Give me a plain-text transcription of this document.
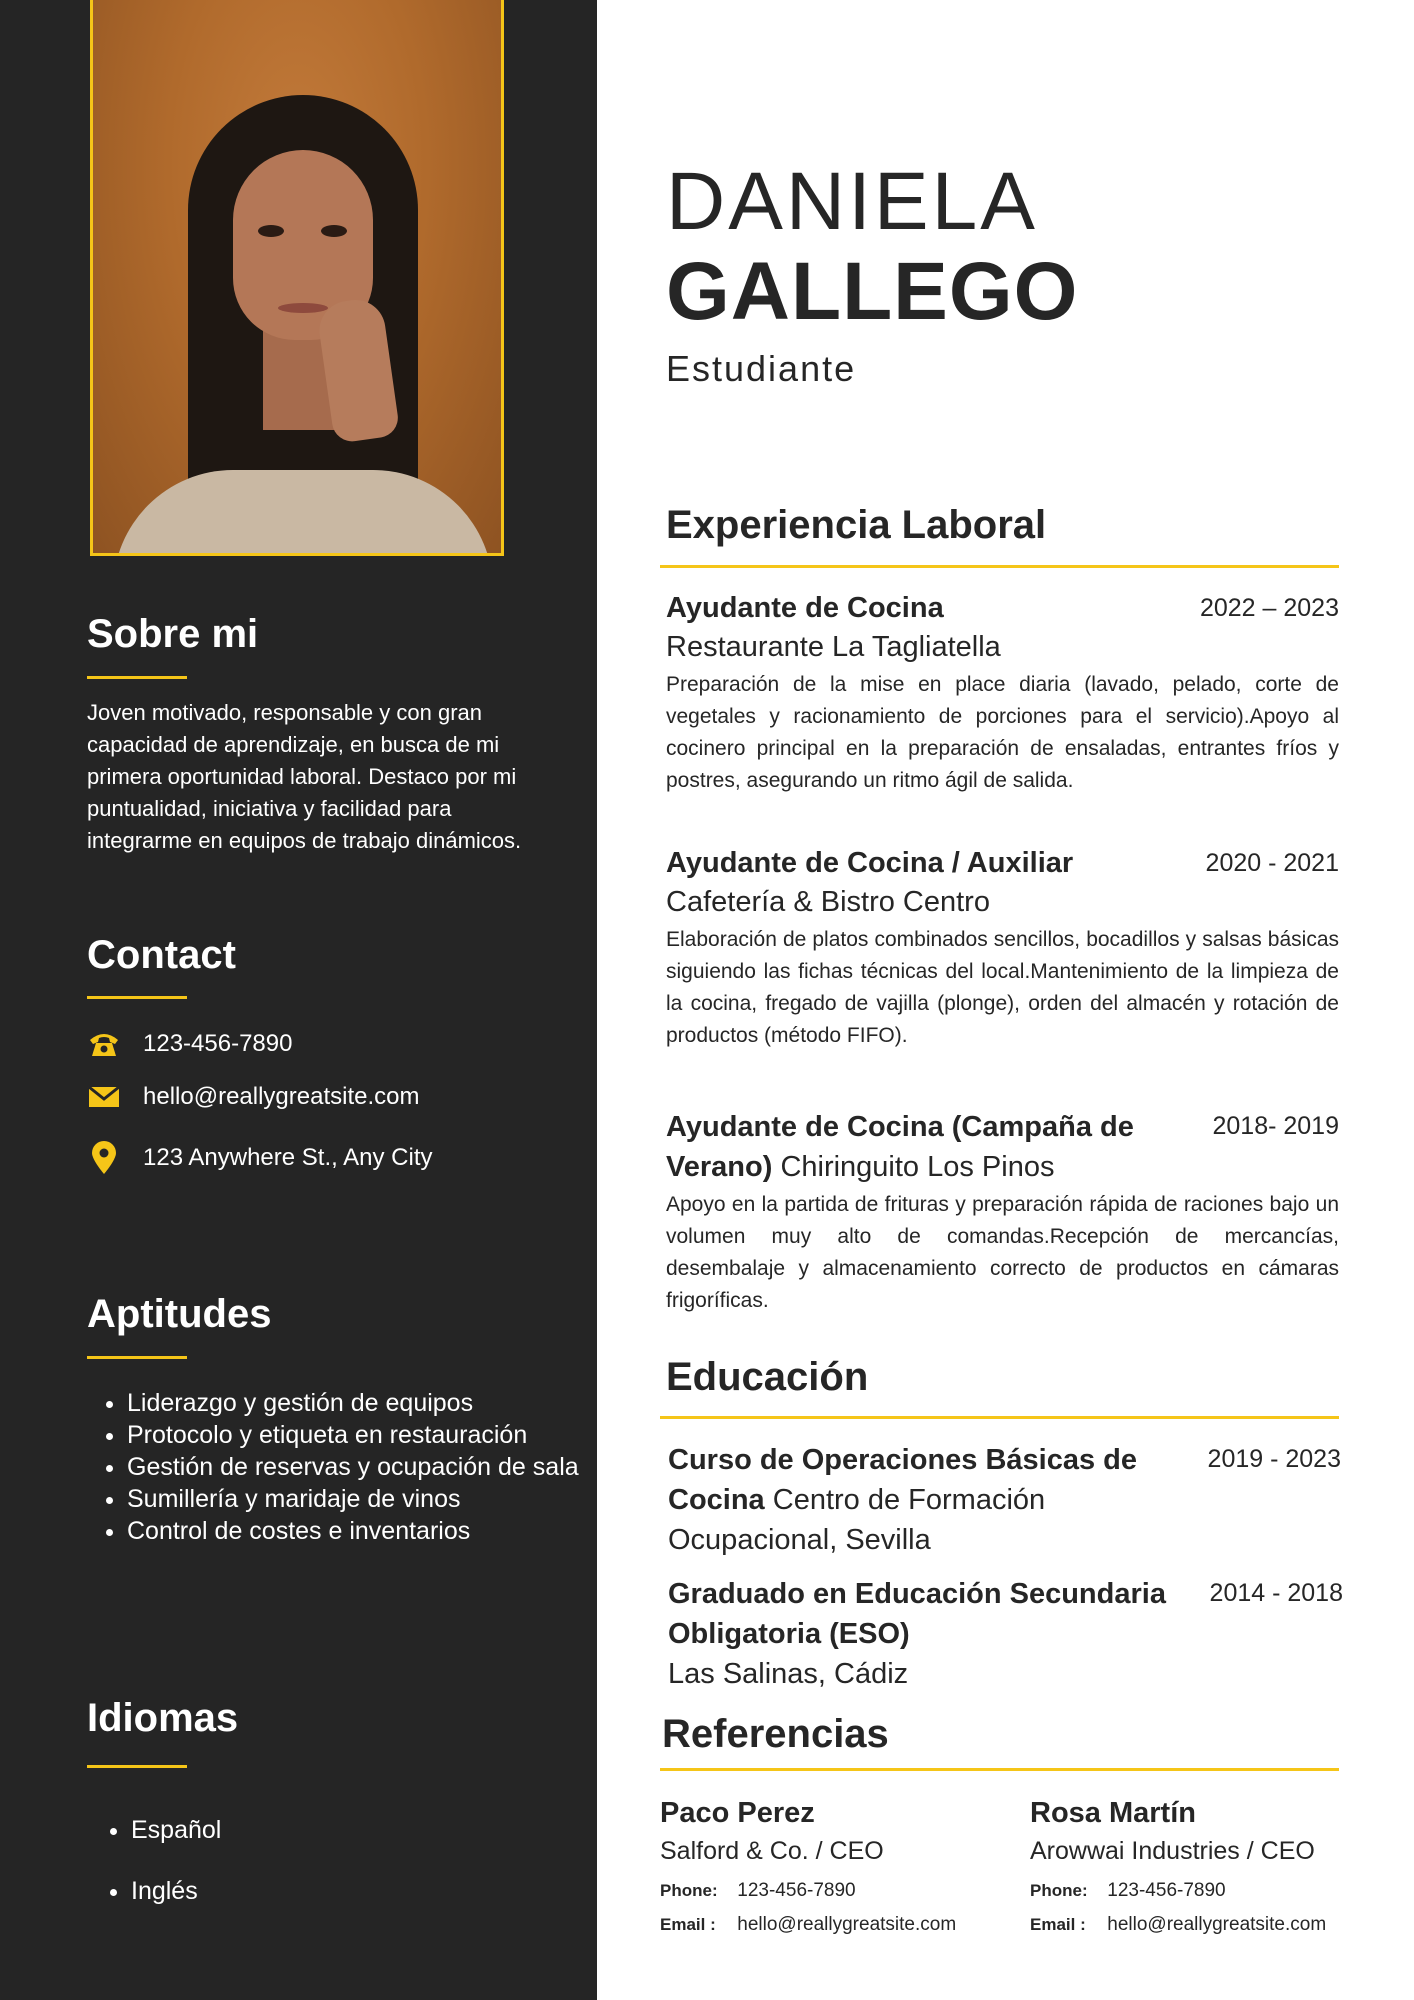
Sobre mi

Joven motivado, responsable y con gran capacidad de aprendizaje, en busca de mi primera oportunidad laboral. Destaco por mi puntualidad, iniciativa y facilidad para integrarme en equipos de trabajo dinámicos.

Contact
123-456-7890
hello@reallygreatsite.com
123 Anywhere St., Any City
Aptitudes
• Liderazgo y gestión de equipos
• Protocolo y etiqueta en restauración
• Gestión de reservas y ocupación de sala
• Sumillería y maridaje de vinos
• Control de costes e inventarios
Idiomas
• Español
• Inglés
DANIELA
GALLEGO
Estudiante
Experiencia Laboral
Ayudante de Cocina	2022 – 2023
Restaurante La Tagliatella

Preparación de la mise en place diaria (lavado, pelado, corte de vegetales y racionamiento de porciones para el servicio).Apoyo al cocinero principal en la preparación de ensaladas, entrantes fríos y postres, asegurando un ritmo ágil de salida.

Ayudante de Cocina / Auxiliar	2020 - 2021
Cafetería & Bistro Centro

Elaboración de platos combinados sencillos, bocadillos y salsas básicas siguiendo las fichas técnicas del local.Mantenimiento de la limpieza de la cocina, fregado de vajilla (plonge), orden del almacén y rotación de productos (método FIFO).

Ayudante de Cocina (Campaña de Verano) Chiringuito Los Pinos
2018- 2019

Apoyo en la partida de frituras y preparación rápida de raciones bajo un volumen muy alto de comandas.Recepción de mercancías, desembalaje y almacenamiento correcto de productos en cámaras frigoríficas.

Educación
Curso de Operaciones Básicas de Cocina Centro de Formación Ocupacional, Sevilla
2019 - 2023
Graduado en Educación Secundaria Obligatoria (ESO)
Las Salinas, Cádiz
2014 - 2018
Referencias
Paco Perez
Salford & Co. / CEO
Phone: 123-456-7890
Email : hello@reallygreatsite.com
Rosa Martín
Arowwai Industries / CEO
Phone: 123-456-7890
Email : hello@reallygreatsite.com
